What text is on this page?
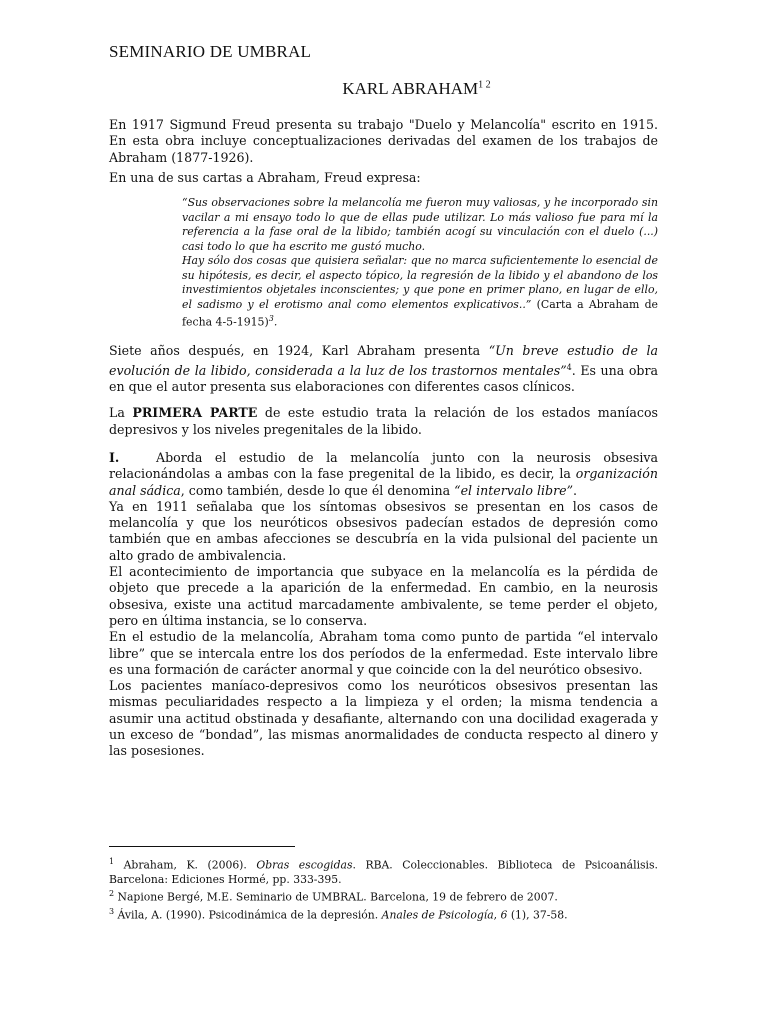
SEMINARIO DE UMBRAL
KARL $ABRAHAM^{1 2}$

En 1917 Sigmund Freud presenta su trabajo "Duelo y Melancolía" escrito en 1915. En esta obra incluye conceptualizaciones derivadas del examen de los trabajos de Abraham (1877-1926).

En una de sus cartas a Abraham, Freud expresa:

“Sus observaciones sobre la melancolía me fueron muy valiosas, y he incorporado sin vacilar a mi ensayo todo lo que de ellas pude utilizar. Lo más valioso fue para mí la referencia a la fase oral de la libido; también acogí su vinculación con el duelo (...) casi todo lo que ha escrito me gustó mucho.
Hay sólo dos cosas que quisiera señalar: que no marca suficientemente lo esencial de su hipótesis, es decir, el aspecto tópico, la regresión de la libido y el abandono de los investimientos objetales inconscientes; y que pone en primer plano, en lugar de ello, el sadismo y el erotismo anal como elementos explicativos..” (Carta a Abraham de fecha 4-5-1915)$^3$.

Siete años después, en 1924, Karl Abraham presenta “Un breve estudio de la evolución de la libido, considerada a la luz de los trastornos mentales”$^4$. Es una obra en que el autor presenta sus elaboraciones con diferentes casos clínicos.

La PRIMERA PARTE de este estudio trata la relación de los estados maníacos depresivos y los niveles pregenitales de la libido.

I.	Aborda el estudio de la melancolía junto con la neurosis obsesiva relacionándolas a ambas con la fase pregenital de la libido, es decir, la organización anal sádica, como también, desde lo que él denomina “el intervalo libre”.

Ya en 1911 señalaba que los síntomas obsesivos se presentan en los casos de melancolía y que los neuróticos obsesivos padecían estados de depresión como también que en ambas afecciones se descubría en la vida pulsional del paciente un alto grado de ambivalencia.

El acontecimiento de importancia que subyace en la melancolía es la pérdida de objeto que precede a la aparición de la enfermedad. En cambio, en la neurosis obsesiva, existe una actitud marcadamente ambivalente, se teme perder el objeto, pero en última instancia, se lo conserva.

En el estudio de la melancolía, Abraham toma como punto de partida “el intervalo libre” que se intercala entre los dos períodos de la enfermedad. Este intervalo libre es una formación de carácter anormal y que coincide con la del neurótico obsesivo.

Los pacientes maníaco-depresivos como los neuróticos obsesivos presentan las mismas peculiaridades respecto a la limpieza y el orden; la misma tendencia a asumir una actitud obstinada y desafiante, alternando con una docilidad exagerada y un exceso de “bondad”, las mismas anormalidades de conducta respecto al dinero y las posesiones.

$^1$ Abraham, K. (2006). Obras escogidas. RBA. Coleccionables. Biblioteca de Psicoanálisis. Barcelona: Ediciones Hormé, pp. 333-395.

$^2$ Napione Bergé, M.E. Seminario de UMBRAL. Barcelona, 19 de febrero de 2007.

$^3$ Ávila, A. (1990). Psicodinámica de la depresión. Anales de Psicología, 6 (1), 37-58.
